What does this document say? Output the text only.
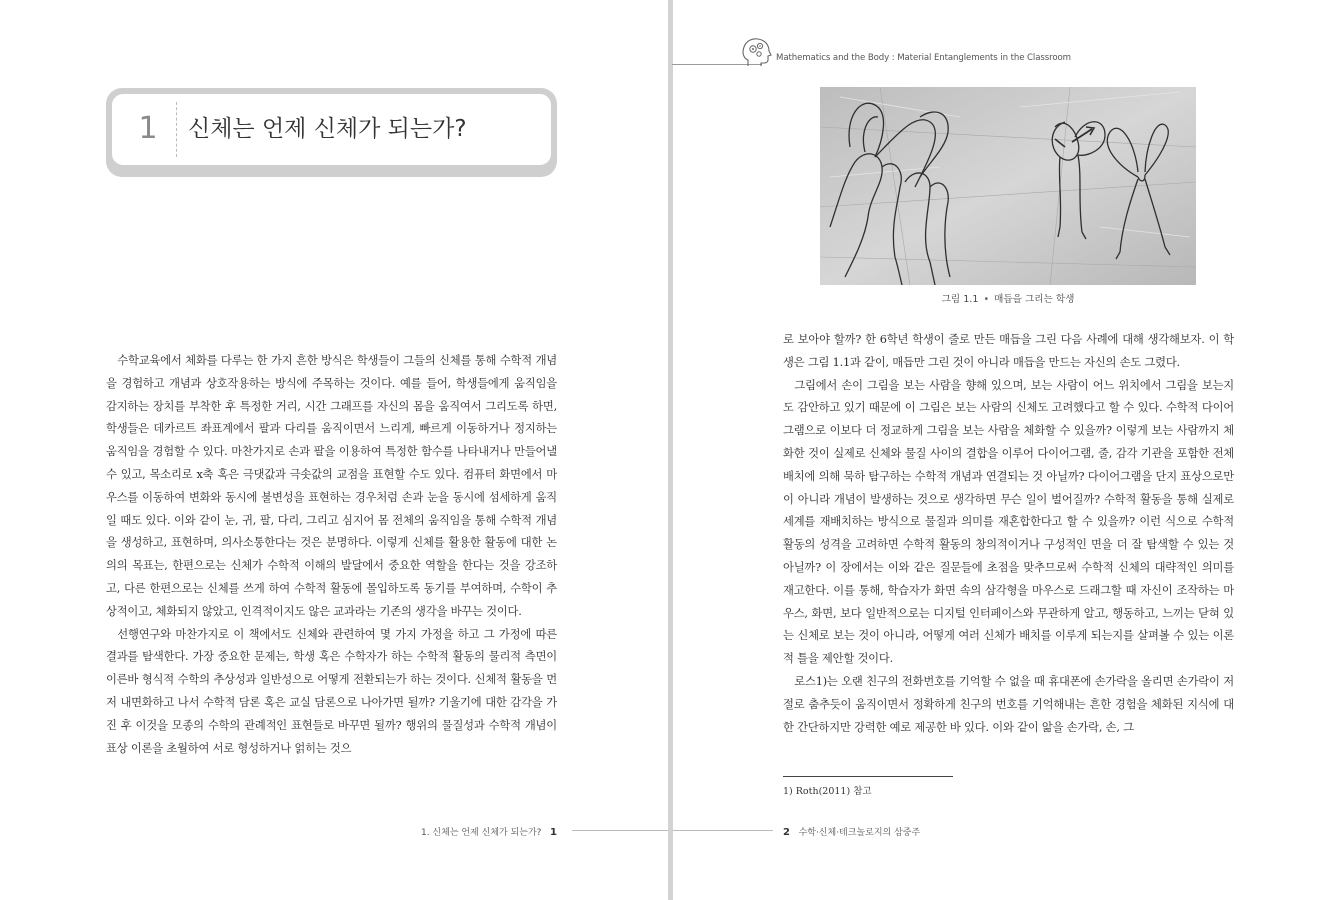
1	신체는 언제 신체가 되는가?

수학교육에서 체화를 다루는 한 가지 흔한 방식은 학생들이 그들의 신체를 통해 수학적 개념을 경험하고 개념과 상호작용하는 방식에 주목하는 것이다. 예를 들어, 학생들에게 움직임을 감지하는 장치를 부착한 후 특정한 거리, 시간 그래프를 자신의 몸을 움직여서 그리도록 하면, 학생들은 데카르트 좌표계에서 팔과 다리를 움직이면서 느리게, 빠르게 이동하거나 정지하는 움직임을 경험할 수 있다. 마찬가지로 손과 팔을 이용하여 특정한 함수를 나타내거나 만들어낼 수 있고, 목소리로 x축 혹은 극댓값과 극솟값의 교점을 표현할 수도 있다. 컴퓨터 화면에서 마우스를 이동하여 변화와 동시에 불변성을 표현하는 경우처럼 손과 눈을 동시에 섬세하게 움직일 때도 있다. 이와 같이 눈, 귀, 팔, 다리, 그리고 심지어 몸 전체의 움직임을 통해 수학적 개념을 생성하고, 표현하며, 의사소통한다는 것은 분명하다. 이렇게 신체를 활용한 활동에 대한 논의의 목표는, 한편으로는 신체가 수학적 이해의 발달에서 중요한 역할을 한다는 것을 강조하고, 다른 한편으로는 신체를 쓰게 하여 수학적 활동에 몰입하도록 동기를 부여하며, 수학이 추상적이고, 체화되지 않았고, 인격적이지도 않은 교과라는 기존의 생각을 바꾸는 것이다.

선행연구와 마찬가지로 이 책에서도 신체와 관련하여 몇 가지 가정을 하고 그 가정에 따른 결과를 탐색한다. 가장 중요한 문제는, 학생 혹은 수학자가 하는 수학적 활동의 물리적 측면이 이른바 형식적 수학의 추상성과 일반성으로 어떻게 전환되는가 하는 것이다. 신체적 활동을 먼저 내면화하고 나서 수학적 담론 혹은 교실 담론으로 나아가면 될까? 기울기에 대한 감각을 가진 후 이것을 모종의 수학의 관례적인 표현들로 바꾸면 될까? 행위의 물질성과 수학적 개념이 표상 이론을 초월하여 서로 형성하거나 얽히는 것으

1. 신체는 언제 신체가 되는가? 1
Mathematics and the Body : Material Entanglements in the Classroom
그림 1.1 • 매듭을 그리는 학생

로 보아야 할까? 한 6학년 학생이 줄로 만든 매듭을 그린 다음 사례에 대해 생각해보자. 이 학생은 그림 1.1과 같이, 매듭만 그린 것이 아니라 매듭을 만드는 자신의 손도 그렸다.

그림에서 손이 그림을 보는 사람을 향해 있으며, 보는 사람이 어느 위치에서 그림을 보는지도 감안하고 있기 때문에 이 그림은 보는 사람의 신체도 고려했다고 할 수 있다. 수학적 다이어그램으로 이보다 더 정교하게 그림을 보는 사람을 체화할 수 있을까? 이렇게 보는 사람까지 체화한 것이 실제로 신체와 물질 사이의 결합을 이루어 다이어그램, 줄, 감각 기관을 포함한 전체 배치에 의해 묵하 탐구하는 수학적 개념과 연결되는 것 아닐까? 다이어그램을 단지 표상으로만이 아니라 개념이 발생하는 것으로 생각하면 무슨 일이 벌어질까? 수학적 활동을 통해 실제로 세계를 재배치하는 방식으로 물질과 의미를 재혼합한다고 할 수 있을까? 이런 식으로 수학적 활동의 성격을 고려하면 수학적 활동의 창의적이거나 구성적인 면을 더 잘 탐색할 수 있는 것 아닐까? 이 장에서는 이와 같은 질문들에 초점을 맞추므로써 수학적 신체의 대략적인 의미를 재고한다. 이를 통해, 학습자가 화면 속의 삼각형을 마우스로 드래그할 때 자신이 조작하는 마우스, 화면, 보다 일반적으로는 디지털 인터페이스와 무관하게 알고, 행동하고, 느끼는 닫혀 있는 신체로 보는 것이 아니라, 어떻게 여러 신체가 배치를 이루게 되는지를 살펴볼 수 있는 이론적 틀을 제안할 것이다.

로스1)는 오랜 친구의 전화번호를 기억할 수 없을 때 휴대폰에 손가락을 올리면 손가락이 저절로 춤추듯이 움직이면서 정확하게 친구의 번호를 기억해내는 흔한 경험을 체화된 지식에 대한 간단하지만 강력한 예로 제공한 바 있다. 이와 같이 앎을 손가락, 손, 그

1) Roth(2011) 참고
2 수학·신체·테크놀로지의 삼중주
